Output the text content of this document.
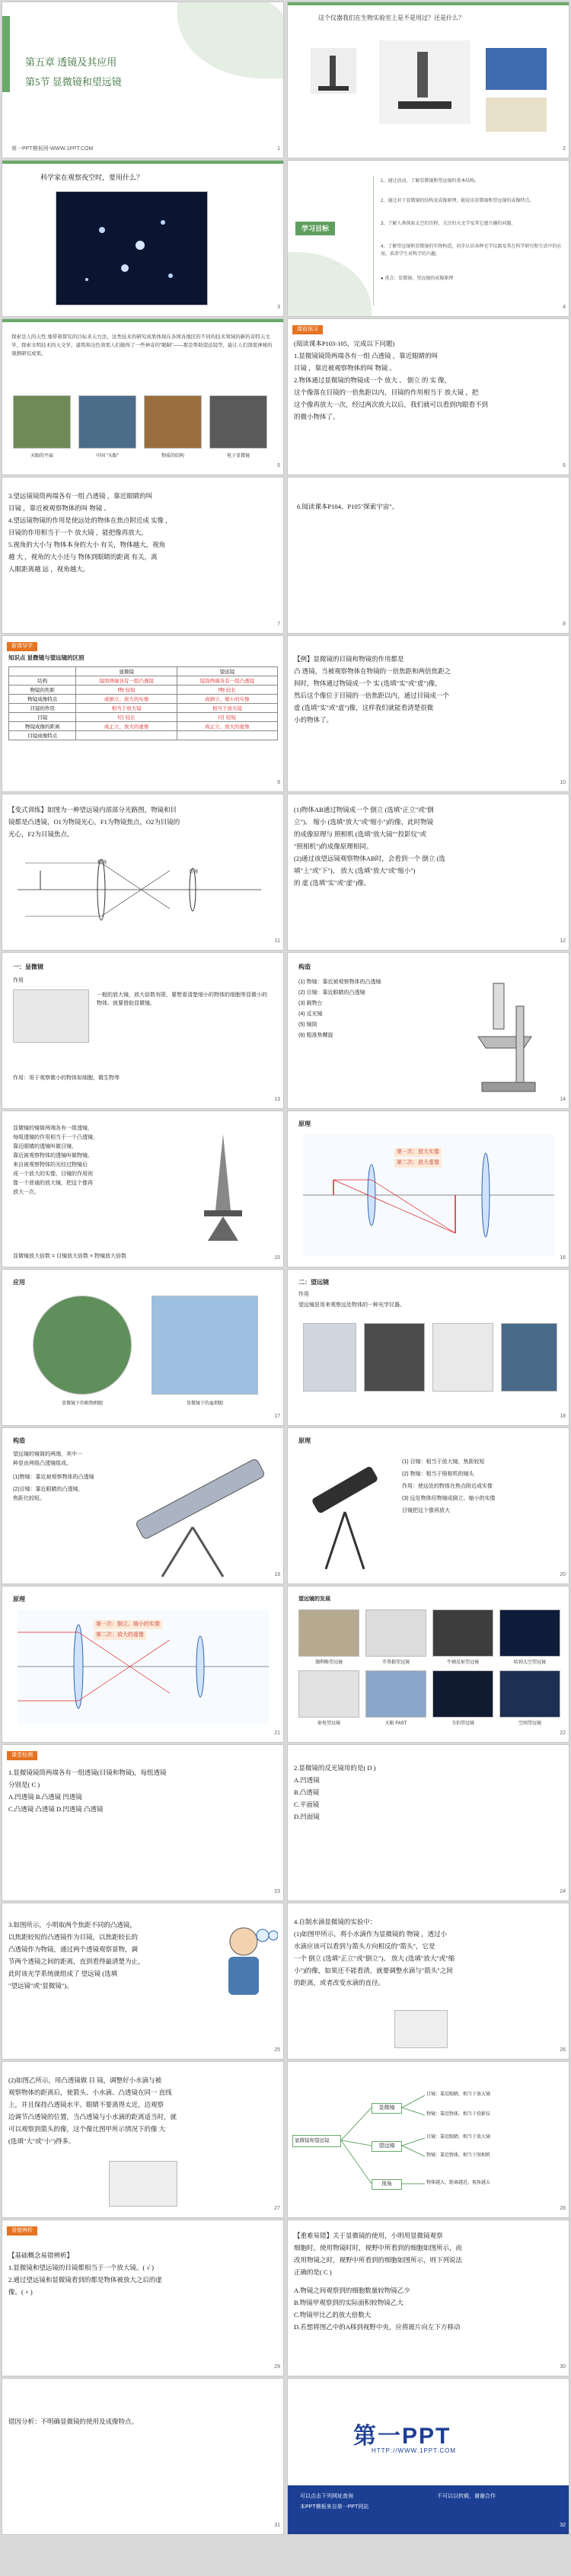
第五章 透镜及其应用
第5节 显微镜和望远镜
第一PPT模板网-WWW.1PPT.COM	1
这个仪器我们在生物实验室上是不是用过？还是什么？
2
科学家在观察夜空时，要用什么？
3
学习目标
1、通过活动，了解显微镜和望远镜的基本结构。
2、通过对于显微镜的结构及成像原理，能说出显微镜和望远镜的成像特点。
3、了解人类探索太空的历程，关注的天文学及其它感兴趣的问题。
4、了解望远镜和显微镜的实物构造，初步认识各种光学仪器及其在科学研究和生活中的应用，培养学生对科学的兴趣。
● 重点：显微镜、望远镜的成像原理
4
探索是人的天性 地带着探究的目标来天方法，这类技术的研究成果体现在各国各地区的不同的技术领域的新的奇特天文学，探索文明技术的天文学，建筑和出色效果人们做得了一些神奇的"眼睛"——那是帮助望远镜等，能让人们深度神秘的观测研究成果。
天眼的平面	中国 "天眼"	物质的结构	电子显微镜
5
课前预习
(阅读课本P103-105，完成以下问题)
1.显微镜镜筒两端各有一组 凸透镜 ，靠近眼睛的叫
目镜 ，靠近被观察物体的叫 物镜 。
2.物体通过显微镜的物镜成一个 放大 、 倒立 的 实 像，
这个像落在目镜的一倍焦距以内，目镜的作用相当于 放大镜 ，把
这个像再放大一次，经过两次放大以后，我们就可以看到肉眼看不到
的微小物体了。
6
3.望远镜镜筒两端各有一组 凸透镜 ，靠近眼睛的叫
目镜 ，靠近被观察物体的叫 物镜 。
4.望远镜物镜的作用是使远处的物体在焦点附近成 实像 ，
目镜的作用相当于一个 放大镜 ，能把像再放大。
5.视角的大小与 物体本身的大小 有关，物体越大，视角
越 大 ，视角的大小还与 物体到眼睛的距离 有关，离
人眼距离越 远 ，视角越大。
7
6.阅读课本P104、P105"探索宇宙"。
8
新课导学
知识点 显微镜与望远镜的区别
	显微镜	望远镜
结构	镜筒两端各有一组凸透镜	镜筒两端各有一组凸透镜
物镜的焦距	f物 较短	f物 较长
物镜成像特点	成倒立、放大的实像	成倒立、缩小的实像
目镜的作用	相当于放大镜	相当于放大镜
目镜	f目 较长	f目 较短
物镜成像的距离	成正立、放大的虚像	成正立、放大的虚像
目镜成像特点		
9
【例】显微镜的目镜和物镜的作用都是
凸 透镜，当被观察物体在物镜的一倍焦距和两倍焦距之
间时，物体通过物镜成一个 实 (选填"实"或"虚")像，
然后这个像位于目镜的一倍焦距以内，通过目镜成一个
虚 (选填"实"或"虚")像，这样我们就能看清楚很微
小的物体了。
10
【变式训练】如图为一种望远镜内部部分光路图，物镜和目
镜都是凸透镜，O1为物镜光心，F1为物镜焦点，O2为目镜的
光心，F2为目镜焦点。
物镜
目镜
11
(1)物体AB通过物镜成一个 倒立 (选填"正立"或"倒
立")、 缩小 (选填"放大"或"缩小")的像，此时物镜
的成像原理与 照相机 (选填"放大镜""投影仪"或
"照相机")的成像原理相同。
(2)通过该望远镜观察物体AB时，会看到一个 倒立 (选
填"上"或"下")， 放大 (选填"放大"或"缩小")
的 虚 (选填"实"或"虚")像。
12
一：显微镜
作用
一般的放大镜，放大倍数有限，要想看清楚细小的物体的细胞等显微小的物体，就要借助显微镜。
作用：用于观察微小的物体如细胞、微生物等
13
构造
(1) 物镜：靠近被观察物体的凸透镜
(2) 目镜：靠近眼睛的凸透镜
(3) 载物台
(4) 反光镜
(5) 镜筒
(6) 粗准焦螺旋
14
显微镜的镜筒两端各有一组透镜，
每组透镜的作用相当于一个凸透镜，
靠近眼睛的透镜叫做目镜，
靠近被观察物体的透镜叫做物镜。
来自被观察物体的光经过物镜后
成一个放大的实像，目镜的作用则
像一个普通的放大镜，把这个像再
放大一次。
显微镜放大倍数 = 目镜放大倍数 × 物镜放大倍数	15
原理
第一次：放大实像
第二次：放大虚像
16
应用
显微镜下的植物细胞	显微镜下的血细胞
17
二：望远镜
作用
望远镜是用来观察远处物体的一种光学仪器。
18
构造
望远镜的镜筒的两端，其中一
种是由两组凸透镜组成。
(1)物镜：靠近被观察物体的凸透镜
(2)目镜：靠近眼睛的凸透镜，
焦距比较短。
19
原理
(1) 目镜：相当于放大镜，焦距较短
(2) 物镜：相当于照相机的镜头
作用：使远处的物体在焦点附近成实像
(3) 远处物体经物镜成倒立、缩小的实像
目镜把这个像再放大
20
原理
第一次：倒立、缩小的实像
第二次：放大的虚像
21
望远镜的发展
伽利略望远镜	开普勒望远镜	牛顿反射望远镜	哈勃太空望远镜
射电望远镜	天眼 FAST	韦伯望远镜	空间望远镜
22
课堂检测
1.显微镜镜筒两端各有一组透镜(目镜和物镜)，每组透镜
分别是( C )
A.凹透镜 B.凸透镜 凹透镜
C.凸透镜 凸透镜 D.凹透镜 凸透镜
23
2.显微镜的反光镜用的是( D )
A.凹透镜
B.凸透镜
C.平面镜
D.凹面镜
24
3.如图所示，小明取两个焦距不同的凸透镜，
以焦距较短的凸透镜作为目镜，以焦距较长的
凸透镜作为物镜，通过两个透镜观察景物，调
节两个透镜之间的距离，直到看得最清楚为止，
此时该光学系统就组成了 望远镜 (选填
"望远镜"或"显微镜")。
25
4.自制水滴显微镜的实验中：
(1)如图甲所示，将小水滴作为显微镜的 物镜 ，透过小
水滴应该可以看到与箭头方向相反的"箭头"，它是
一个 倒立 (选填"正立"或"倒立")、 放大 (选填"放大"或"缩
小")的像，如果还不能看清，就要调整水滴与"箭头"之间
的距离，或者改变水滴的直径。
26
(2)如图乙所示，用凸透镜做 目 镜，调整好小水滴与被
观察物体的距离后，使箭头、小水滴、凸透镜在同一 直线
上，并且保持凸透镜水平。眼睛不要离得太近，边观察
边调节凸透镜的位置，当凸透镜与小水滴的距离适当时，就
可以观察到箭头的像，这个像比图甲所示情况下的像 大
(选填"大"或"小")得多。
27
显微镜和望远镜
显微镜
望远镜
视角
目镜：靠近眼睛，相当于放大镜
物镜：靠近物体，相当于投影仪
目镜：靠近眼睛，相当于放大镜
物镜：靠近物体，相当于照相机
物体越大，距离越近，视角越大
28
易错辨析
【基础概念易错辨析】
1.显微镜和望远镜的目镜都相当于一个放大镜。( √ )
2.通过望远镜和显微镜看到的都是物体被放大之后的虚
像。( × )
29
【重难易错】关于显微镜的使用，小明用显微镜观察
细胞时，使用物镜时时，视野中所看到的细胞如图所示，而
改用物镜之时，视野中所看到的细胞如图所示，则下列说法
正确的是( C )
A.物镜之间观察到的细胞数量较物镜乙少
B.物镜甲观察到的实际面积较物镜乙大
C.物镜甲比乙的放大倍数大
D.若想将图乙中的A移到视野中央，应将玻片向左下方移动
30
错因分析：不明确显微镜的使用及成像特点。
31
第一PPT
HTTP://WWW.1PPT.COM
可以点击下列网址查询
本PPT模板来自第一PPT网站
不可以以转载，谢谢合作
32
